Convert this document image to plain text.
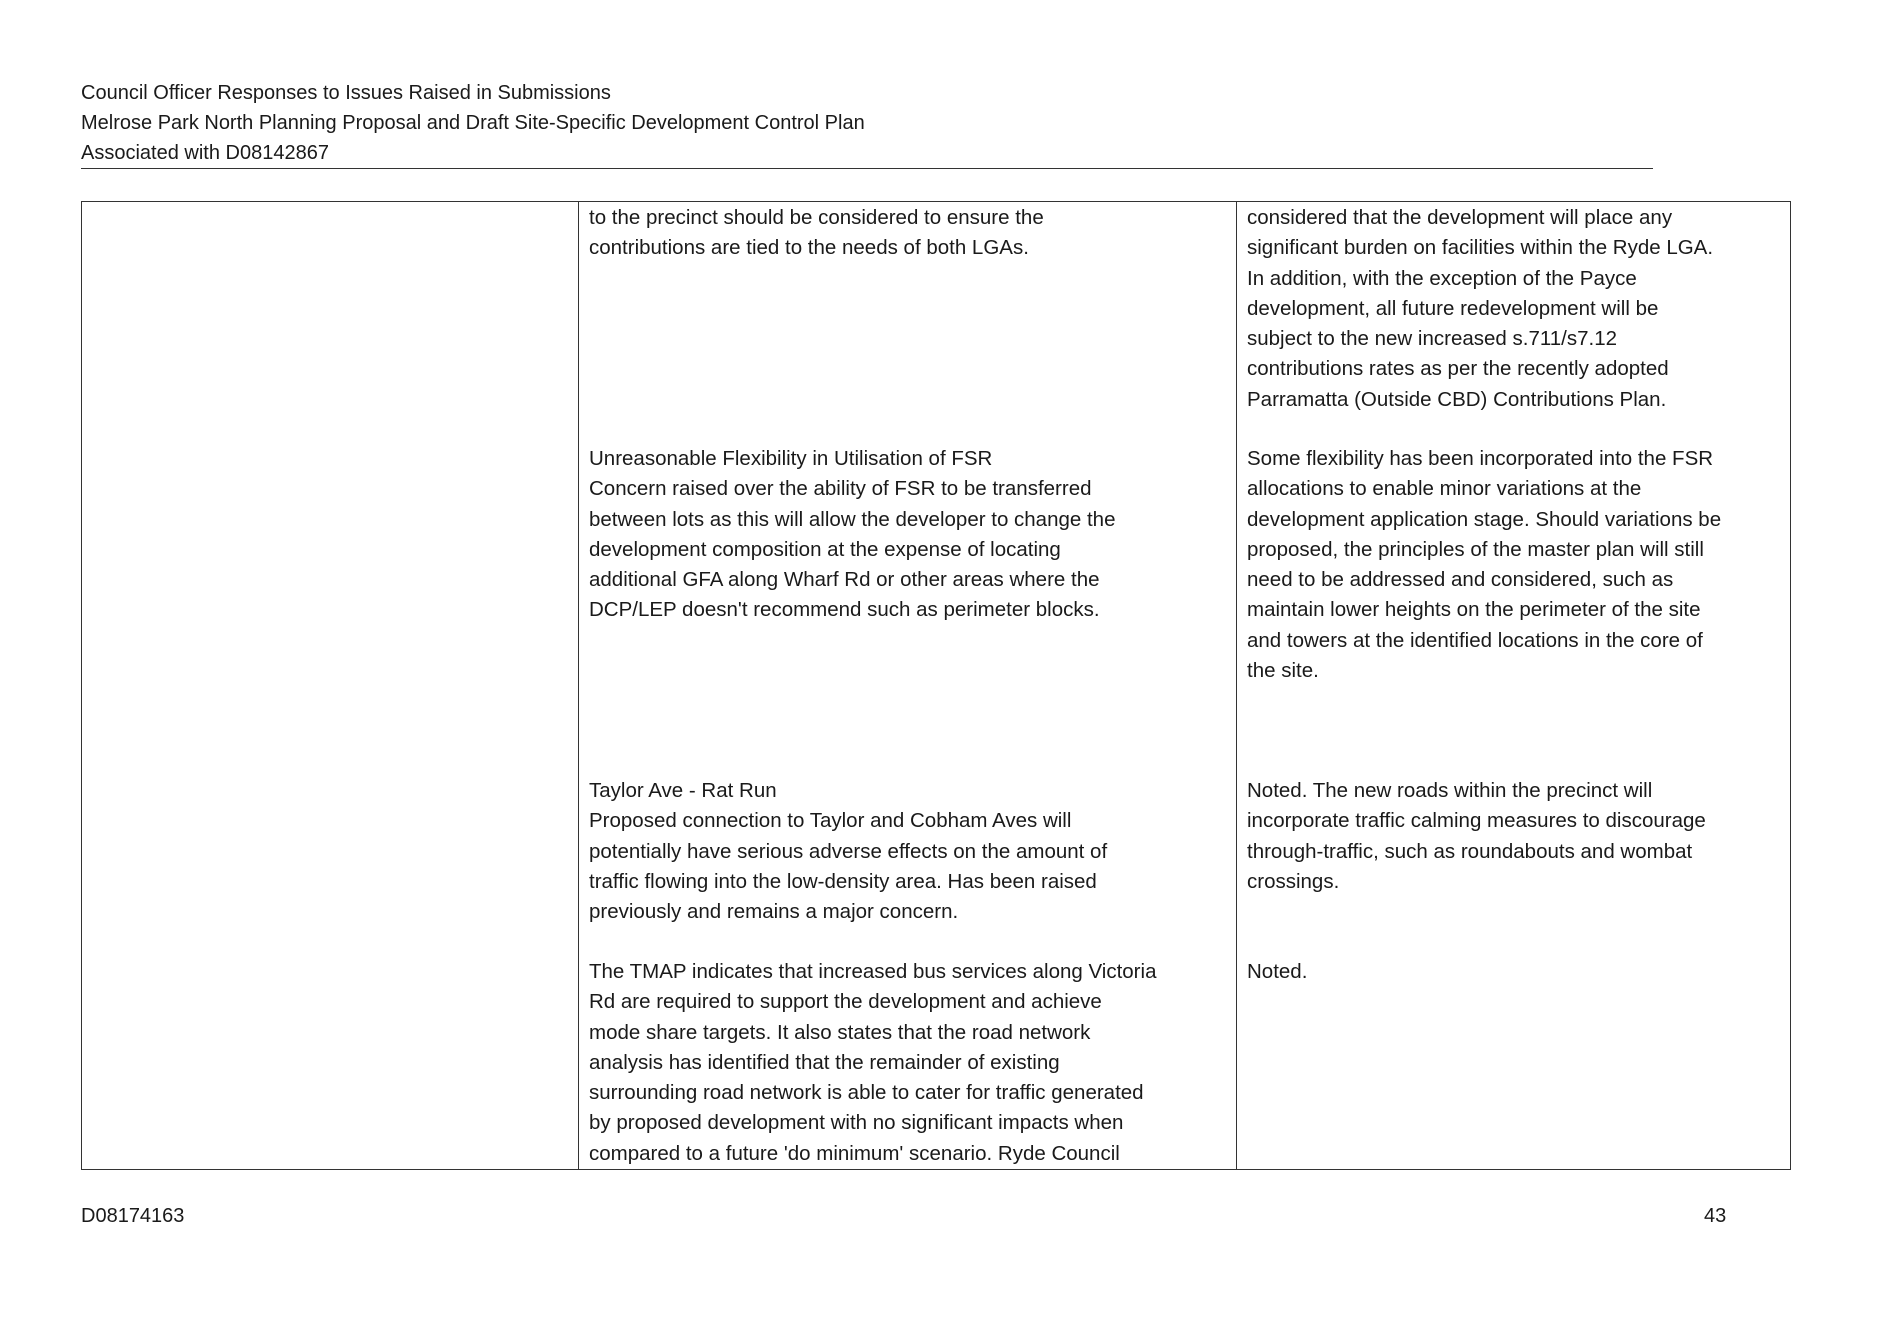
Council Officer Responses to Issues Raised in Submissions
Melrose Park North Planning Proposal and Draft Site-Specific Development Control Plan
Associated with D08142867
to the precinct should be considered to ensure the
contributions are tied to the needs of both LGAs.
considered that the development will place any
significant burden on facilities within the Ryde LGA.
In addition, with the exception of the Payce
development, all future redevelopment will be
subject to the new increased s.711/s7.12
contributions rates as per the recently adopted
Parramatta (Outside CBD) Contributions Plan.
Unreasonable Flexibility in Utilisation of FSR
Concern raised over the ability of FSR to be transferred
between lots as this will allow the developer to change the
development composition at the expense of locating
additional GFA along Wharf Rd or other areas where the
DCP/LEP doesn't recommend such as perimeter blocks.
Some flexibility has been incorporated into the FSR
allocations to enable minor variations at the
development application stage. Should variations be
proposed, the principles of the master plan will still
need to be addressed and considered, such as
maintain lower heights on the perimeter of the site
and towers at the identified locations in the core of
the site.
Taylor Ave - Rat Run
Proposed connection to Taylor and Cobham Aves will
potentially have serious adverse effects on the amount of
traffic flowing into the low-density area. Has been raised
previously and remains a major concern.
Noted. The new roads within the precinct will
incorporate traffic calming measures to discourage
through-traffic, such as roundabouts and wombat
crossings.
The TMAP indicates that increased bus services along Victoria
Rd are required to support the development and achieve
mode share targets. It also states that the road network
analysis has identified that the remainder of existing
surrounding road network is able to cater for traffic generated
by proposed development with no significant impacts when
compared to a future 'do minimum' scenario. Ryde Council
Noted.
D08174163	43
